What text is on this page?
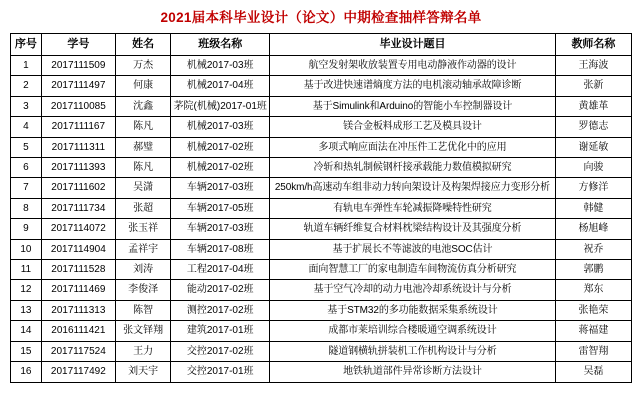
2021届本科毕业设计（论文）中期检查抽样答辩名单
序号	学号	姓名	班级名称	毕业设计题目	教师名称
1	2017111509	万杰	机械2017-03班	航空发射架收放装置专用电动静液作动器的设计	王海波
2	2017111497	何康	机械2017-04班	基于改进快速谱熵度方法的电机滚动轴承故障诊断	张新
3	2017110085	沈鑫	茅院(机械)2017-01班	基于Simulink和Arduino的智能小车控制器设计	黄雄革
4	2017111167	陈凡	机械2017-03班	镁合金板料成形工艺及模具设计	罗德志
5	2017111311	郝璧	机械2017-02班	多项式响应面法在冲压件工艺优化中的应用	谢延敏
6	2017111393	陈凡	机械2017-02班	冷斩和热轧制候钢杆接承载能力数值模拟研究	向骏
7	2017111602	吴潇	车辆2017-03班	250km/h高速动车组非动力转向架设计及构架焊接应力变形分析	方修洋
8	2017111734	张超	车辆2017-05班	有轨电车弹性车轮减振降噪特性研究	韩健
9	2017114072	张玉祥	车辆2017-03班	轨道车辆纤维复合材料枕梁结构设计及其强度分析	杨旭峰
10	2017114904	孟祥宇	车辆2017-08班	基于扩展长不等滤波的电池SOC估计	祝乔
11	2017111528	刘涛	工程2017-04班	面向智慧工厂的家电制造车间物流仿真分析研究	郭鹏
12	2017111469	李俊泽	能动2017-02班	基于空气冷却的动力电池冷却系统设计与分析	郑东
13	2017111313	陈智	测控2017-02班	基于STM32的多功能数据采集系统设计	张艳荣
14	2016111421	张文铎翔	建筑2017-01班	成都市莱培训综合楼暖通空调系统设计	蒋福建
15	2017117524	王力	交控2017-02班	隧道钢横轨拼装机工作机构设计与分析	雷智翔
16	2017117492	刘天宇	交控2017-01班	地铁轨道部件异常诊断方法设计	吴磊
